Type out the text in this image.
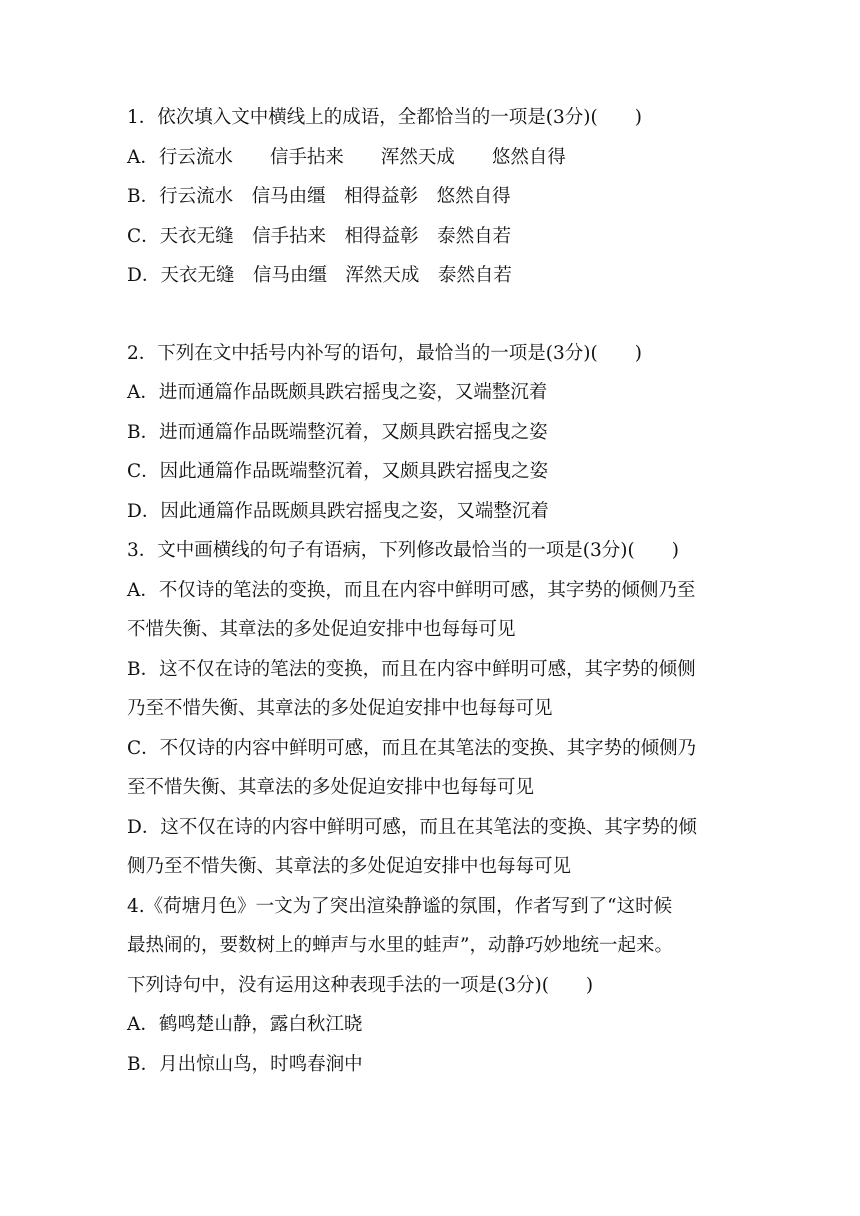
1．依次填入文中横线上的成语，全都恰当的一项是(3分)(　　)
A．行云流水　　信手拈来　　浑然天成　　悠然自得
B．行云流水　信马由缰　相得益彰　悠然自得
C．天衣无缝　信手拈来　相得益彰　泰然自若
D．天衣无缝　信马由缰　浑然天成　泰然自若
2．下列在文中括号内补写的语句，最恰当的一项是(3分)(　　)
A．进而通篇作品既颇具跌宕摇曳之姿，又端整沉着
B．进而通篇作品既端整沉着，又颇具跌宕摇曳之姿
C．因此通篇作品既端整沉着，又颇具跌宕摇曳之姿
D．因此通篇作品既颇具跌宕摇曳之姿，又端整沉着
3．文中画横线的句子有语病，下列修改最恰当的一项是(3分)(　　)
A．不仅诗的笔法的变换，而且在内容中鲜明可感，其字势的倾侧乃至
不惜失衡、其章法的多处促迫安排中也每每可见
B．这不仅在诗的笔法的变换，而且在内容中鲜明可感，其字势的倾侧
乃至不惜失衡、其章法的多处促迫安排中也每每可见
C．不仅诗的内容中鲜明可感，而且在其笔法的变换、其字势的倾侧乃
至不惜失衡、其章法的多处促迫安排中也每每可见
D．这不仅在诗的内容中鲜明可感，而且在其笔法的变换、其字势的倾
侧乃至不惜失衡、其章法的多处促迫安排中也每每可见
4.《荷塘月色》一文为了突出渲染静谧的氛围，作者写到了“这时候
最热闹的，要数树上的蝉声与水里的蛙声”，动静巧妙地统一起来。
下列诗句中，没有运用这种表现手法的一项是(3分)(　　)
A．鹤鸣楚山静，露白秋江晓
B．月出惊山鸟，时鸣春涧中
